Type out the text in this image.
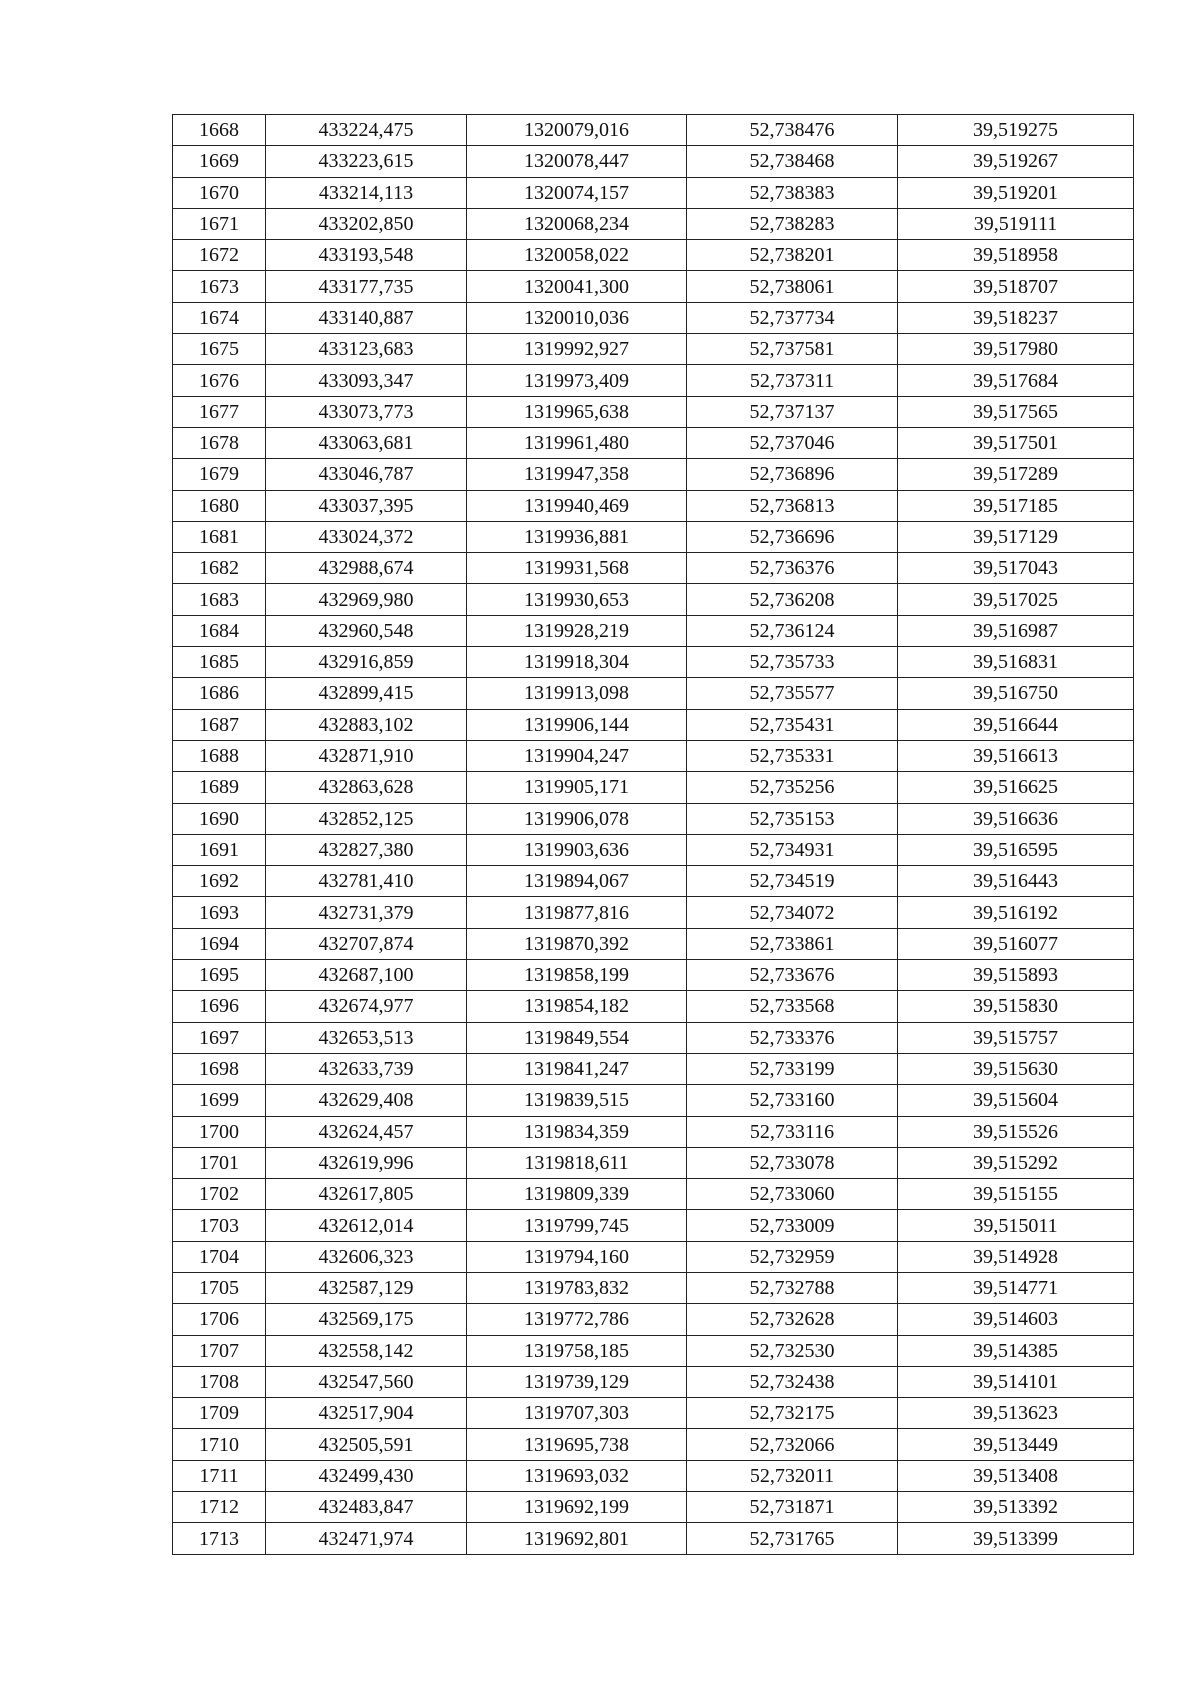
1668	433224,475	1320079,016	52,738476	39,519275
1669	433223,615	1320078,447	52,738468	39,519267
1670	433214,113	1320074,157	52,738383	39,519201
1671	433202,850	1320068,234	52,738283	39,519111
1672	433193,548	1320058,022	52,738201	39,518958
1673	433177,735	1320041,300	52,738061	39,518707
1674	433140,887	1320010,036	52,737734	39,518237
1675	433123,683	1319992,927	52,737581	39,517980
1676	433093,347	1319973,409	52,737311	39,517684
1677	433073,773	1319965,638	52,737137	39,517565
1678	433063,681	1319961,480	52,737046	39,517501
1679	433046,787	1319947,358	52,736896	39,517289
1680	433037,395	1319940,469	52,736813	39,517185
1681	433024,372	1319936,881	52,736696	39,517129
1682	432988,674	1319931,568	52,736376	39,517043
1683	432969,980	1319930,653	52,736208	39,517025
1684	432960,548	1319928,219	52,736124	39,516987
1685	432916,859	1319918,304	52,735733	39,516831
1686	432899,415	1319913,098	52,735577	39,516750
1687	432883,102	1319906,144	52,735431	39,516644
1688	432871,910	1319904,247	52,735331	39,516613
1689	432863,628	1319905,171	52,735256	39,516625
1690	432852,125	1319906,078	52,735153	39,516636
1691	432827,380	1319903,636	52,734931	39,516595
1692	432781,410	1319894,067	52,734519	39,516443
1693	432731,379	1319877,816	52,734072	39,516192
1694	432707,874	1319870,392	52,733861	39,516077
1695	432687,100	1319858,199	52,733676	39,515893
1696	432674,977	1319854,182	52,733568	39,515830
1697	432653,513	1319849,554	52,733376	39,515757
1698	432633,739	1319841,247	52,733199	39,515630
1699	432629,408	1319839,515	52,733160	39,515604
1700	432624,457	1319834,359	52,733116	39,515526
1701	432619,996	1319818,611	52,733078	39,515292
1702	432617,805	1319809,339	52,733060	39,515155
1703	432612,014	1319799,745	52,733009	39,515011
1704	432606,323	1319794,160	52,732959	39,514928
1705	432587,129	1319783,832	52,732788	39,514771
1706	432569,175	1319772,786	52,732628	39,514603
1707	432558,142	1319758,185	52,732530	39,514385
1708	432547,560	1319739,129	52,732438	39,514101
1709	432517,904	1319707,303	52,732175	39,513623
1710	432505,591	1319695,738	52,732066	39,513449
1711	432499,430	1319693,032	52,732011	39,513408
1712	432483,847	1319692,199	52,731871	39,513392
1713	432471,974	1319692,801	52,731765	39,513399
